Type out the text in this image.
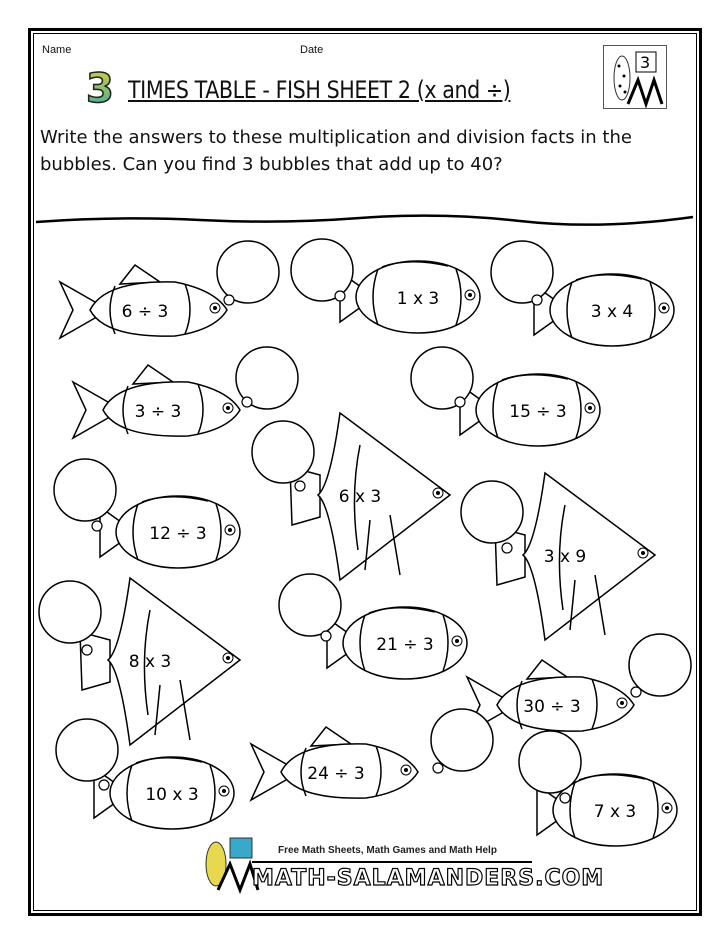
Name	Date
3 TIMES TABLE - FISH SHEET 2 (x and ÷)
3
Write the answers to these multiplication and division facts in the bubbles. Can you find 3 bubbles that add up to 40?
6 ÷ 3
1 x 3
3 x 4
3 ÷ 3	15 ÷ 3
6 x 3
12 ÷ 3
3 x 9
8 x 3
21 ÷ 3
30 ÷ 3
10 x 3
24 ÷ 3
7 x 3
Free Math Sheets, Math Games and Math Help
MATH-SALAMANDERS.COM
